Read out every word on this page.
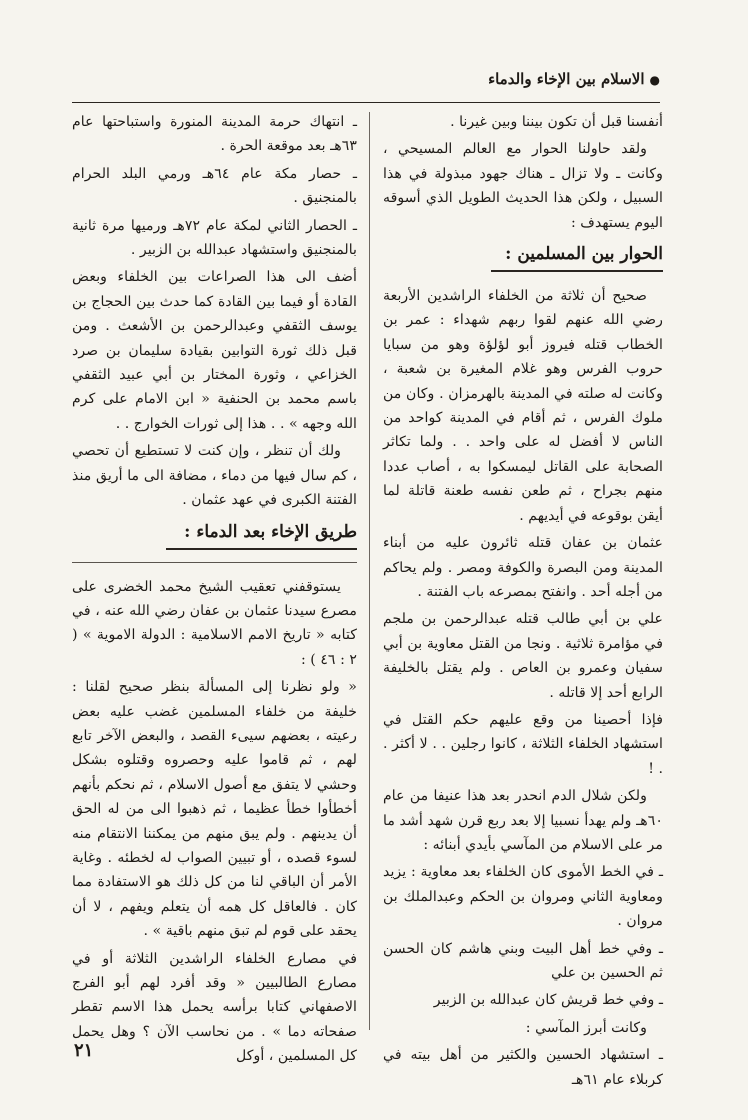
●الاسلام بين الإخاء والدماء

أنفسنا قبل أن تكون بيننا وبين غيرنا .

ولقد حاولنا الحوار مع العالم المسيحي ، وكانت ـ ولا تزال ـ هناك جهود مبذولة في هذا السبيل ، ولكن هذا الحديث الطويل الذي أسوقه اليوم يستهدف :

الحوار بين المسلمين :

صحيح أن ثلاثة من الخلفاء الراشدين الأربعة رضي الله عنهم لقوا ربهم شهداء : عمر بن الخطاب قتله فيروز أبو لؤلؤة وهو من سبايا حروب الفرس وهو غلام المغيرة بن شعبة ، وكانت له صلته في المدينة بالهرمزان . وكان من ملوك الفرس ، ثم أقام في المدينة كواحد من الناس لا أفضل له على واحد . . ولما تكاثر الصحابة على القاتل ليمسكوا به ، أصاب عددا منهم بجراح ، ثم طعن نفسه طعنة قاتلة لما أيقن بوقوعه في أيديهم .

عثمان بن عفان قتله ثائرون عليه من أبناء المدينة ومن البصرة والكوفة ومصر . ولم يحاكم من أجله أحد . وانفتح بمصرعه باب الفتنة .

علي بن أبي طالب قتله عبدالرحمن بن ملجم في مؤامرة ثلاثية . ونجا من القتل معاوية بن أبي سفيان وعمرو بن العاص . ولم يقتل بالخليفة الرابع أحد إلا قاتله .

فإذا أحصينا من وقع عليهم حكم القتل في استشهاد الخلفاء الثلاثة ، كانوا رجلين . . لا أكثر . . !

ولكن شلال الدم انحدر بعد هذا عنيفا من عام ٦٠هـ ولم يهدأ نسبيا إلا بعد ربع قرن شهد أشد ما مر على الاسلام من المآسي بأيدي أبنائه :

ـ في الخط الأموى كان الخلفاء بعد معاوية : يزيد ومعاوية الثاني ومروان بن الحكم وعبدالملك بن مروان .

ـ وفي خط أهل البيت وبني هاشم كان الحسن ثم الحسين بن علي

ـ وفي خط قريش كان عبدالله بن الزبير

وكانت أبرز المآسي :

ـ استشهاد الحسين والكثير من أهل بيته في كربلاء عام ٦١هـ

ـ انتهاك حرمة المدينة المنورة واستباحتها عام ٦٣هـ بعد موقعة الحرة .

ـ حصار مكة عام ٦٤هـ ورمي البلد الحرام بالمنجنيق .

ـ الحصار الثاني لمكة عام ٧٢هـ ورميها مرة ثانية بالمنجنيق واستشهاد عبدالله بن الزبير .

أضف الى هذا الصراعات بين الخلفاء وبعض القادة أو فيما بين القادة كما حدث بين الحجاج بن يوسف الثقفي وعبدالرحمن بن الأشعث . ومن قبل ذلك ثورة التوابين بقيادة سليمان بن صرد الخزاعي ، وثورة المختار بن أبي عبيد الثقفي باسم محمد بن الحنفية « ابن الامام على كرم الله وجهه » . . هذا إلى ثورات الخوارج . .

ولك أن تنظر ، وإن كنت لا تستطيع أن تحصي ، كم سال فيها من دماء ، مضافة الى ما أريق منذ الفتنة الكبرى في عهد عثمان .

طريق الإخاء بعد الدماء :

يستوقفني تعقيب الشيخ محمد الخضرى على مصرع سيدنا عثمان بن عفان رضي الله عنه ، في كتابه « تاريخ الامم الاسلامية : الدولة الاموية » ( ٢ : ٤٦ ) :

« ولو نظرنا إلى المسألة بنظر صحيح لقلنا : خليفة من خلفاء المسلمين غضب عليه بعض رعيته ، بعضهم سيىء القصد ، والبعض الآخر تابع لهم ، ثم قاموا عليه وحصروه وقتلوه بشكل وحشي لا يتفق مع أصول الاسلام ، ثم نحكم بأنهم أخطأوا خطأ عظيما ، ثم ذهبوا الى من له الحق أن يدينهم . ولم يبق منهم من يمكننا الانتقام منه لسوء قصده ، أو تبيين الصواب له لخطئه . وغاية الأمر أن الباقي لنا من كل ذلك هو الاستفادة مما كان . فالعاقل كل همه أن يتعلم ويفهم ، لا أن يحقد على قوم لم تبق منهم باقية » .

في مصارع الخلفاء الراشدين الثلاثة أو في مصارع الطالبيين « وقد أفرد لهم أبو الفرج الاصفهاني كتابا برأسه يحمل هذا الاسم تقطر صفحاته دما » . من نحاسب الآن ؟ وهل يحمل كل المسلمين ، أوكل

٢١
